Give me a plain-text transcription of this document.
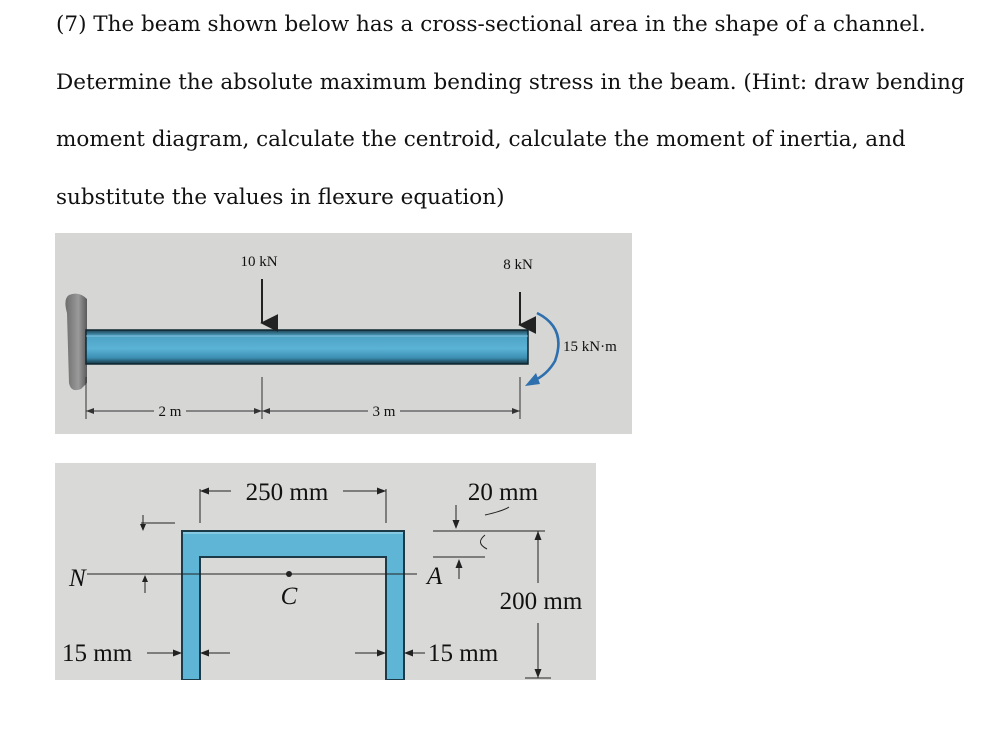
(7) The beam shown below has a cross-sectional area in the shape of a channel.

Determine the absolute maximum bending stress in the beam. (Hint: draw bending

moment diagram, calculate the centroid, calculate the moment of inertia, and

substitute the values in flexure equation)

10 kN	8 kN
15 kN·m
2 m	3 m
250 mm	20 mm
200 mm
N	A
C
15 mm	15 mm
